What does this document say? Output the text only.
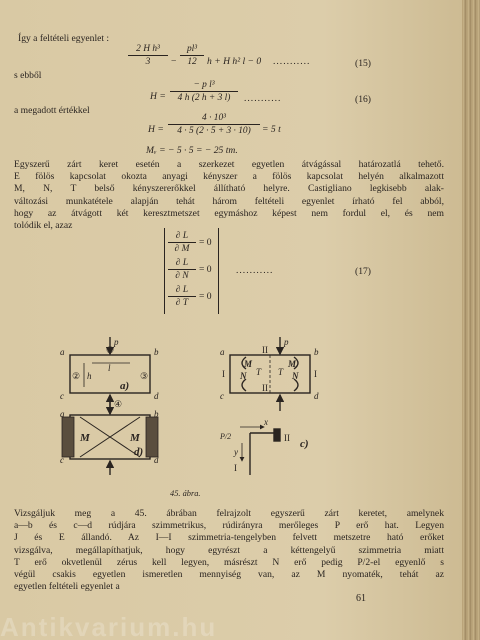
Így a feltételi egyenlet :
$\frac{\text{2 H h³}}{3} - \frac{\text{pl³}}{12}$ h + H h² l − 0 ...........	(15)
s ebből
$H = \frac{\text{− p l³}}{4 h (2 h + 3 l)}$ ...........	(16)
a megadott értékkel
$H = \frac{\text{4 · 10³}}{4 \cdot 5 (2 \cdot 5 + 3 \cdot 10)} = 5$ t
Mᵥ = − 5 · 5 = − 25 tm.
Egyszerű zárt keret esetén a szerkezet egyetlen átvágással határozatlá tehető.
E fölös kapcsolat okozta anyagi kényszer a fölös kapcsolat helyén alkalmazott
M, N, T belső kényszererőkkel állítható helyre. Castigliano legkisebb alak-
változási munkatétele alapján tehát három feltételi egyenlet írható fel abból,
hogy az átvágott két keresztmetszet egymáshoz képest nem fordul el, és nem
tolódik el, azaz
$\frac{\partial L}{\partial M} = 0$
$\frac{\partial L}{\partial N} = 0$
$\frac{\partial L}{\partial T} = 0$
...........	(17)
a	b
c	d
p
l
h
①
②	③
④
a)
a	b
c	d
p
M	M
N	N
T T
I	I
II
II
a	b
c	d
M	M
d)
x
y
P/2
I
II c)
45. ábra.
Vizsgáljuk meg a 45. ábrában felrajzolt egyszerű zárt keretet, amelynek
a—b és c—d rúdjára szimmetrikus, rúdirányra merőleges P erő hat. Legyen
J és E állandó. Az I—I szimmetria-tengelyben felvett metszetre ható erőket
vizsgálva, megállapíthatjuk, hogy egyrészt a kéttengelyű szimmetria miatt
T erő okvetlenül zérus kell legyen, másrészt N erő pedig P/2-el egyenlő s
végül csakis egyetlen ismeretlen mennyiség van, az M nyomaték, tehát az
egyetlen feltételi egyenlet a
61
Antikvarium.hu
